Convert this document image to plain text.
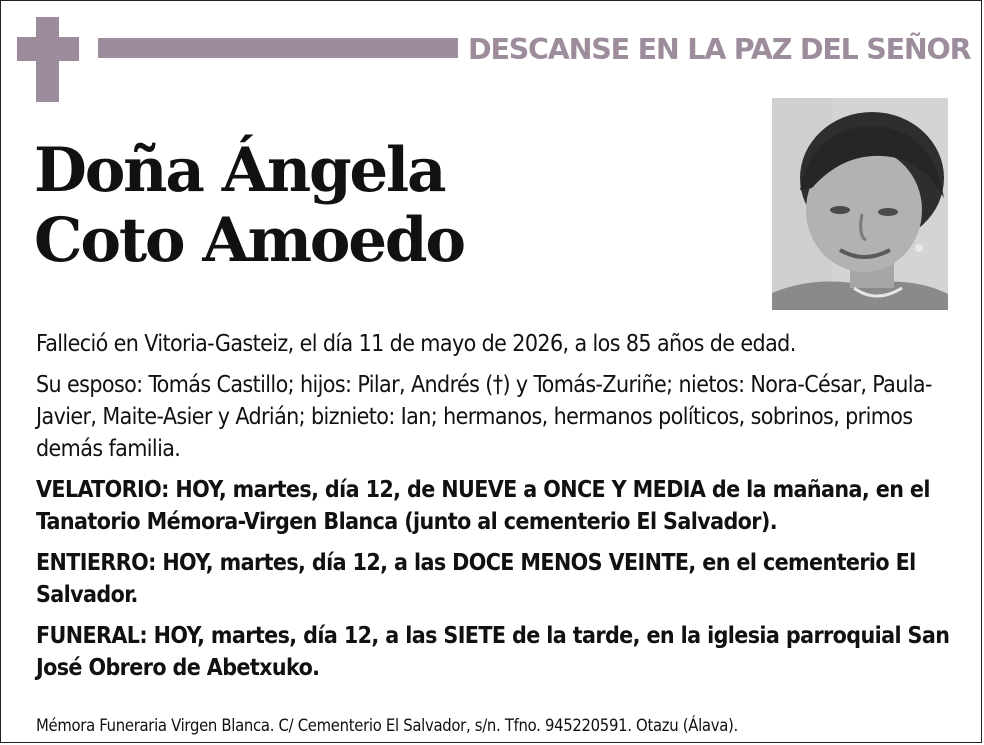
DESCANSE EN LA PAZ DEL SEÑOR
Doña Ángela
Coto Amoedo

Falleció en Vitoria-Gasteiz, el día 11 de mayo de 2026, a los 85 años de edad.

Su esposo: Tomás Castillo; hijos: Pilar, Andrés (†) y Tomás-Zuriñe; nietos: Nora-César, Paula-Javier, Maite-Asier y Adrián; biznieto: Ian; hermanos, hermanos políticos, sobrinos, primos demás familia.

VELATORIO: HOY, martes, día 12, de NUEVE a ONCE Y MEDIA de la mañana, en el Tanatorio Mémora-Virgen Blanca (junto al cementerio El Salvador).

ENTIERRO: HOY, martes, día 12, a las DOCE MENOS VEINTE, en el cementerio El Salvador.

FUNERAL: HOY, martes, día 12, a las SIETE de la tarde, en la iglesia parroquial San José Obrero de Abetxuko.

Mémora Funeraria Virgen Blanca. C/ Cementerio El Salvador, s/n. Tfno. 945220591. Otazu (Álava).
